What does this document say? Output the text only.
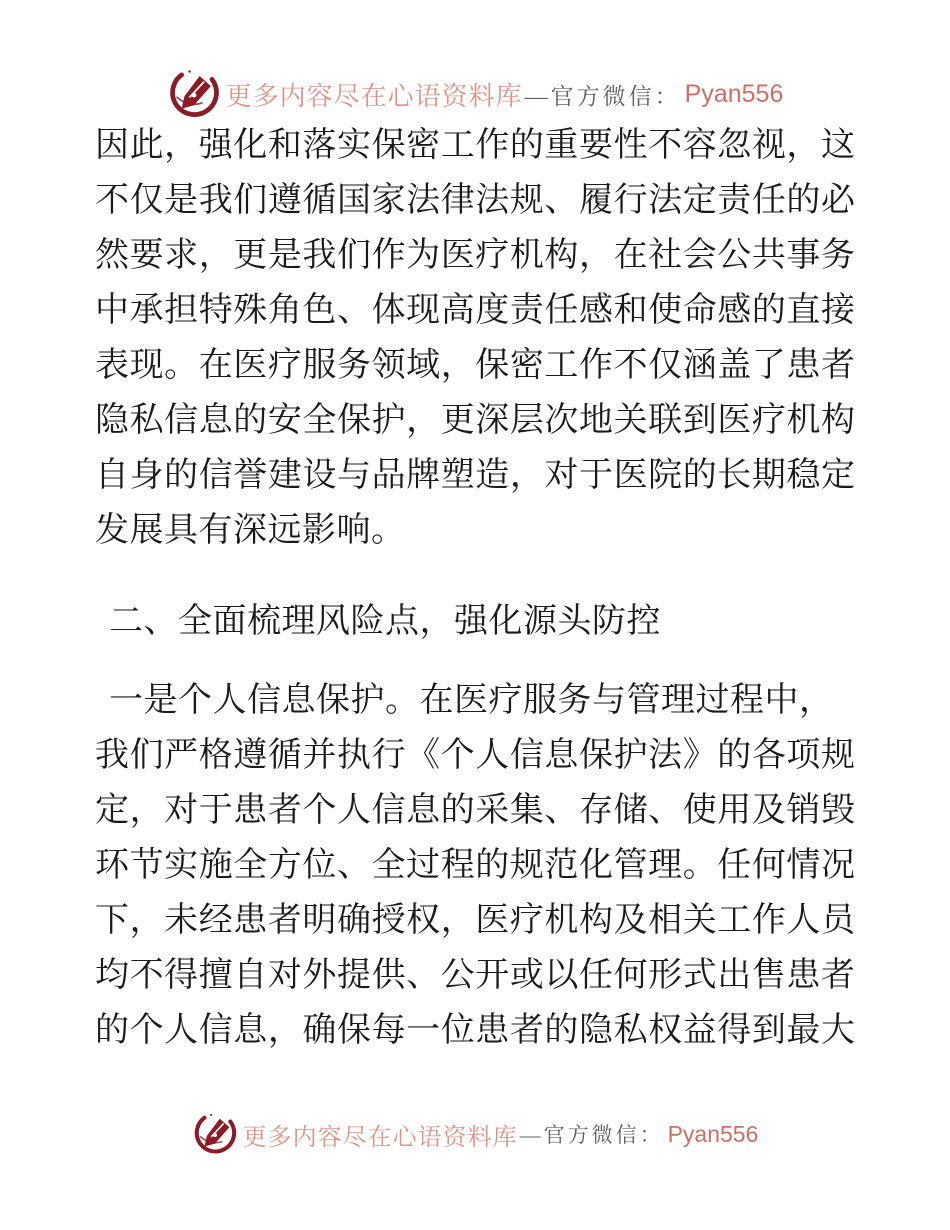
更多内容尽在心语资料库 —官方微信： Pyan556
因此，强化和落实保密工作的重要性不容忽视，这
不仅是我们遵循国家法律法规、履行法定责任的必
然要求，更是我们作为医疗机构，在社会公共事务
中承担特殊角色、体现高度责任感和使命感的直接
表现。在医疗服务领域，保密工作不仅涵盖了患者
隐私信息的安全保护，更深层次地关联到医疗机构
自身的信誉建设与品牌塑造，对于医院的长期稳定
发展具有深远影响。
二、全面梳理风险点，强化源头防控
一是个人信息保护。在医疗服务与管理过程中，
我们严格遵循并执行《个人信息保护法》的各项规
定，对于患者个人信息的采集、存储、使用及销毁
环节实施全方位、全过程的规范化管理。任何情况
下，未经患者明确授权，医疗机构及相关工作人员
均不得擅自对外提供、公开或以任何形式出售患者
的个人信息，确保每一位患者的隐私权益得到最大
更多内容尽在心语资料库 —官方微信： Pyan556
